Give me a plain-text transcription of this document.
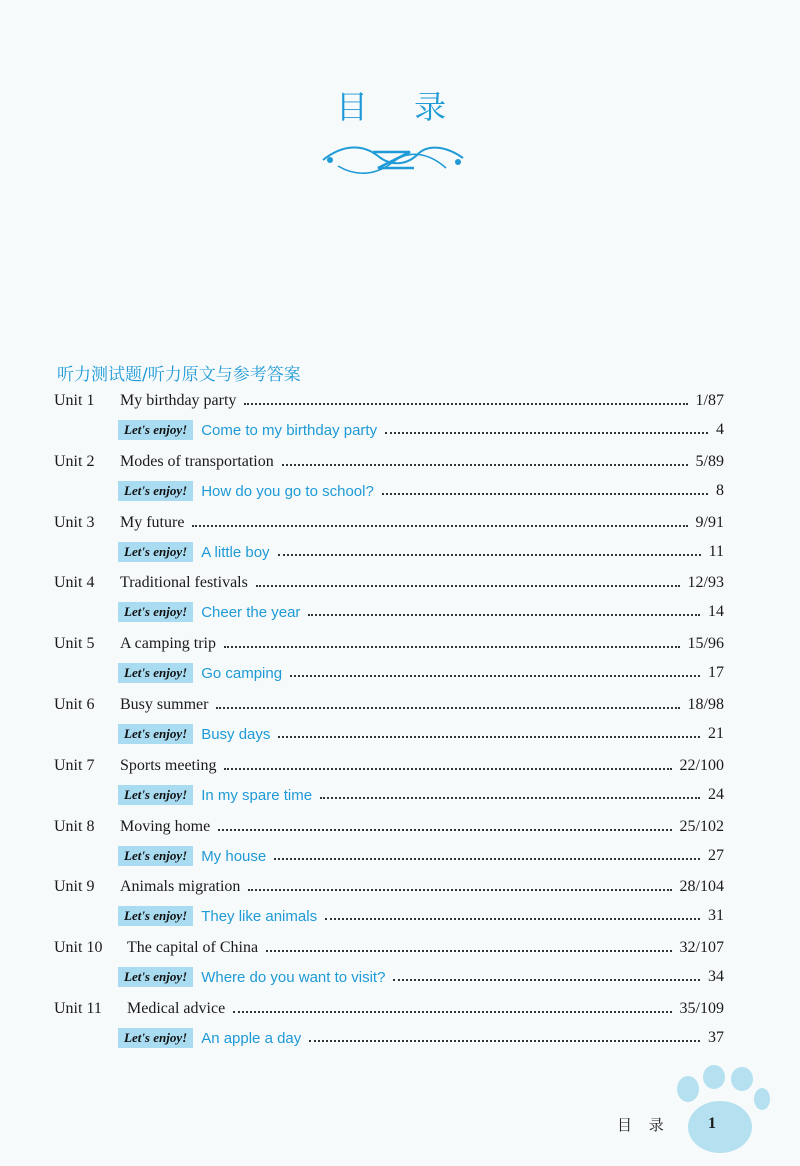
目 录
听力测试题/听力原文与参考答案
Unit 1	My birthday party	1/87
Let's enjoy! Come to my birthday party	4
Unit 2	Modes of transportation	5/89
Let's enjoy! How do you go to school?	8
Unit 3	My future	9/91
Let's enjoy! A little boy	11
Unit 4	Traditional festivals	12/93
Let's enjoy! Cheer the year	14
Unit 5	A camping trip	15/96
Let's enjoy! Go camping	17
Unit 6	Busy summer	18/98
Let's enjoy! Busy days	21
Unit 7	Sports meeting	22/100
Let's enjoy! In my spare time	24
Unit 8	Moving home	25/102
Let's enjoy! My house	27
Unit 9	Animals migration	28/104
Let's enjoy! They like animals	31
Unit 10	The capital of China	32/107
Let's enjoy! Where do you want to visit?	34
Unit 11	Medical advice	35/109
Let's enjoy! An apple a day	37
目 录 1
